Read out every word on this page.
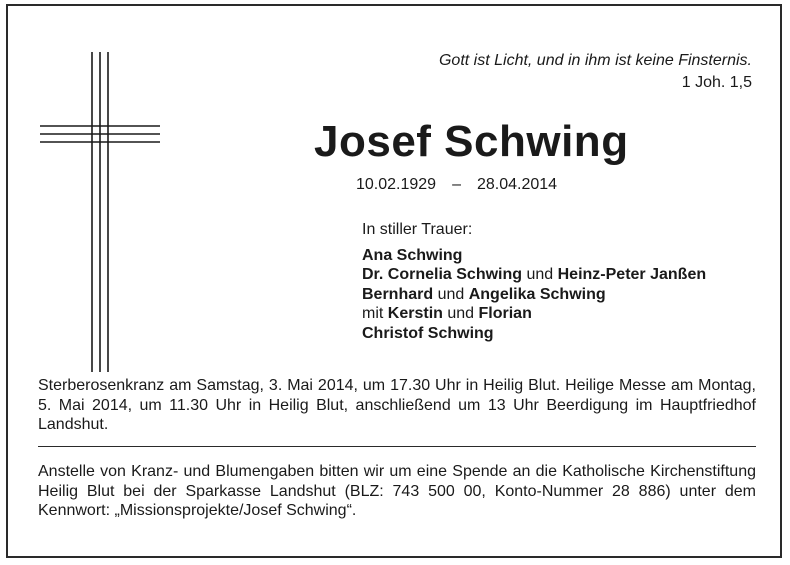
Gott ist Licht, und in ihm ist keine Finsternis.
1 Joh. 1,5
Josef Schwing
10.02.1929 – 28.04.2014
In stiller Trauer:
Ana Schwing
Dr. Cornelia Schwing und Heinz-Peter Janßen
Bernhard und Angelika Schwing
mit Kerstin und Florian
Christof Schwing
Sterberosenkranz am Samstag, 3. Mai 2014, um 17.30 Uhr in Heilig Blut. Heilige Messe am Montag, 5. Mai 2014, um 11.30 Uhr in Heilig Blut, anschließend um 13 Uhr Beerdigung im Hauptfriedhof Landshut.
Anstelle von Kranz- und Blumengaben bitten wir um eine Spende an die Katholische Kirchenstiftung Heilig Blut bei der Sparkasse Landshut (BLZ: 743 500 00, Konto-Nummer 28 886) unter dem Kennwort: „Missionsprojekte/Josef Schwing“.
